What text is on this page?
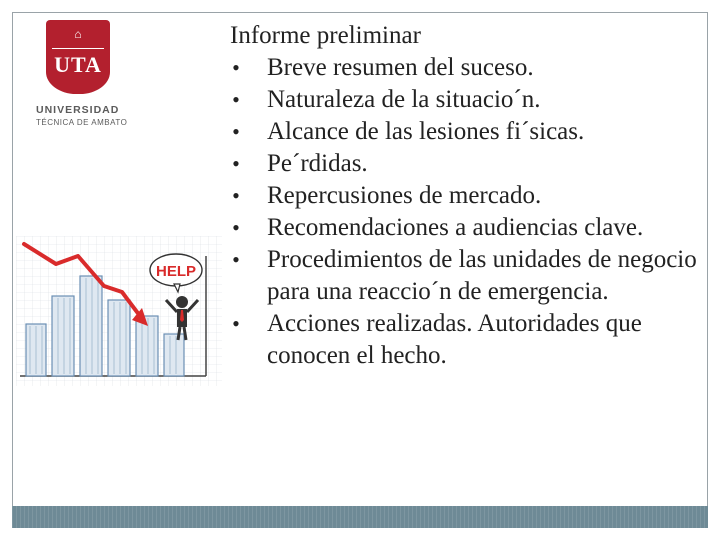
⌂
UTA
UNIVERSIDAD
TÉCNICA DE AMBATO
HELP
Informe preliminar
• Breve resumen del suceso.
• Naturaleza de la situacio´n.
• Alcance de las lesiones fi´sicas.
• Pe´rdidas.
• Repercusiones de mercado.
• Recomendaciones a audiencias clave.
• Procedimientos de las unidades de negocio para una reaccio´n de emergencia.
• Acciones realizadas. Autoridades que conocen el hecho.
